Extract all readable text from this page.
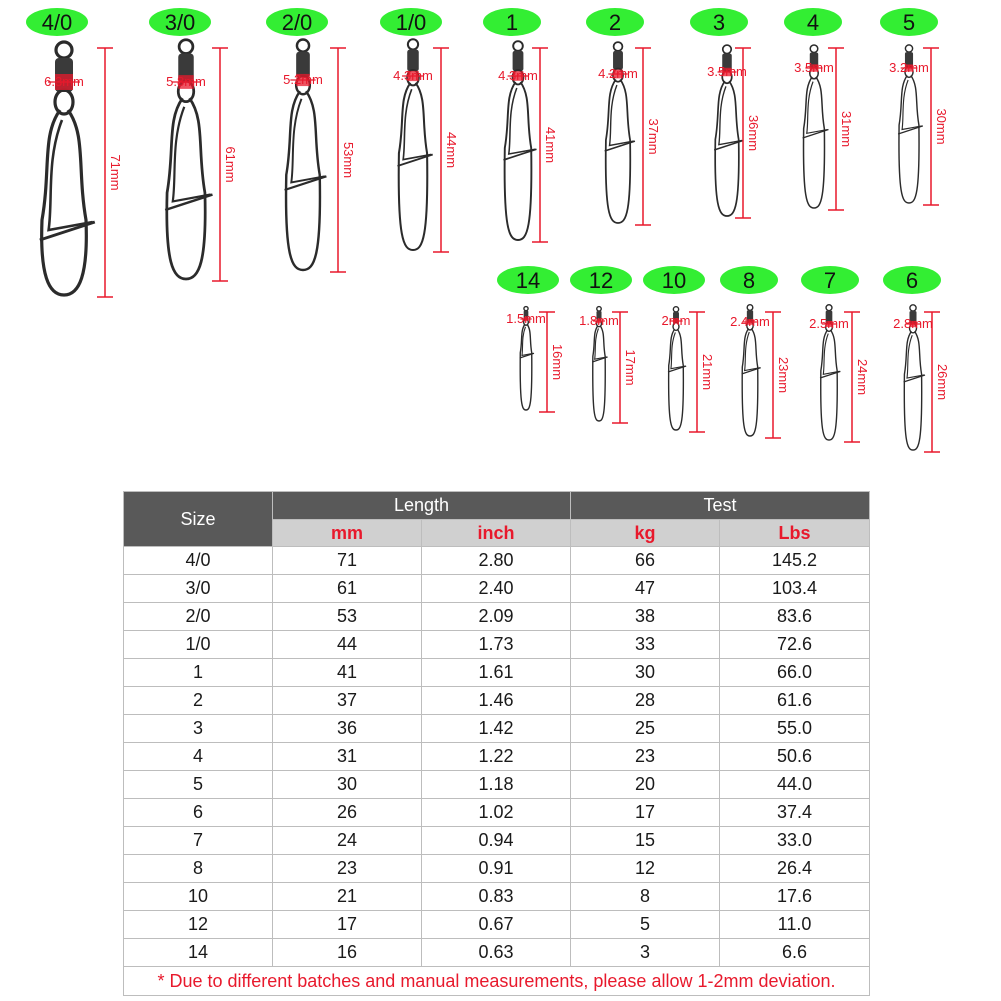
4/0
6.3mm
71mm
3/0
5.8mm
61mm
2/0
5.2mm
53mm
1/0
4.3mm
44mm
1
4.3mm
41mm
2
4.2mm
37mm
3
3.5mm
36mm
4
3.5mm
31mm
5
3.2mm
30mm
14
1.5mm
16mm
12
1.8mm
17mm
10
2mm
21mm
8
2.4mm
23mm
7
2.5mm
24mm
6
2.8mm
26mm
Size	Length		Test	
	mm	inch	kg	Lbs
4/0	71	2.80	66	145.2
3/0	61	2.40	47	103.4
2/0	53	2.09	38	83.6
1/0	44	1.73	33	72.6
1	41	1.61	30	66.0
2	37	1.46	28	61.6
3	36	1.42	25	55.0
4	31	1.22	23	50.6
5	30	1.18	20	44.0
6	26	1.02	17	37.4
7	24	0.94	15	33.0
8	23	0.91	12	26.4
10	21	0.83	8	17.6
12	17	0.67	5	11.0
14	16	0.63	3	6.6
* Due to different batches and manual measurements, please allow 1-2mm deviation.				
